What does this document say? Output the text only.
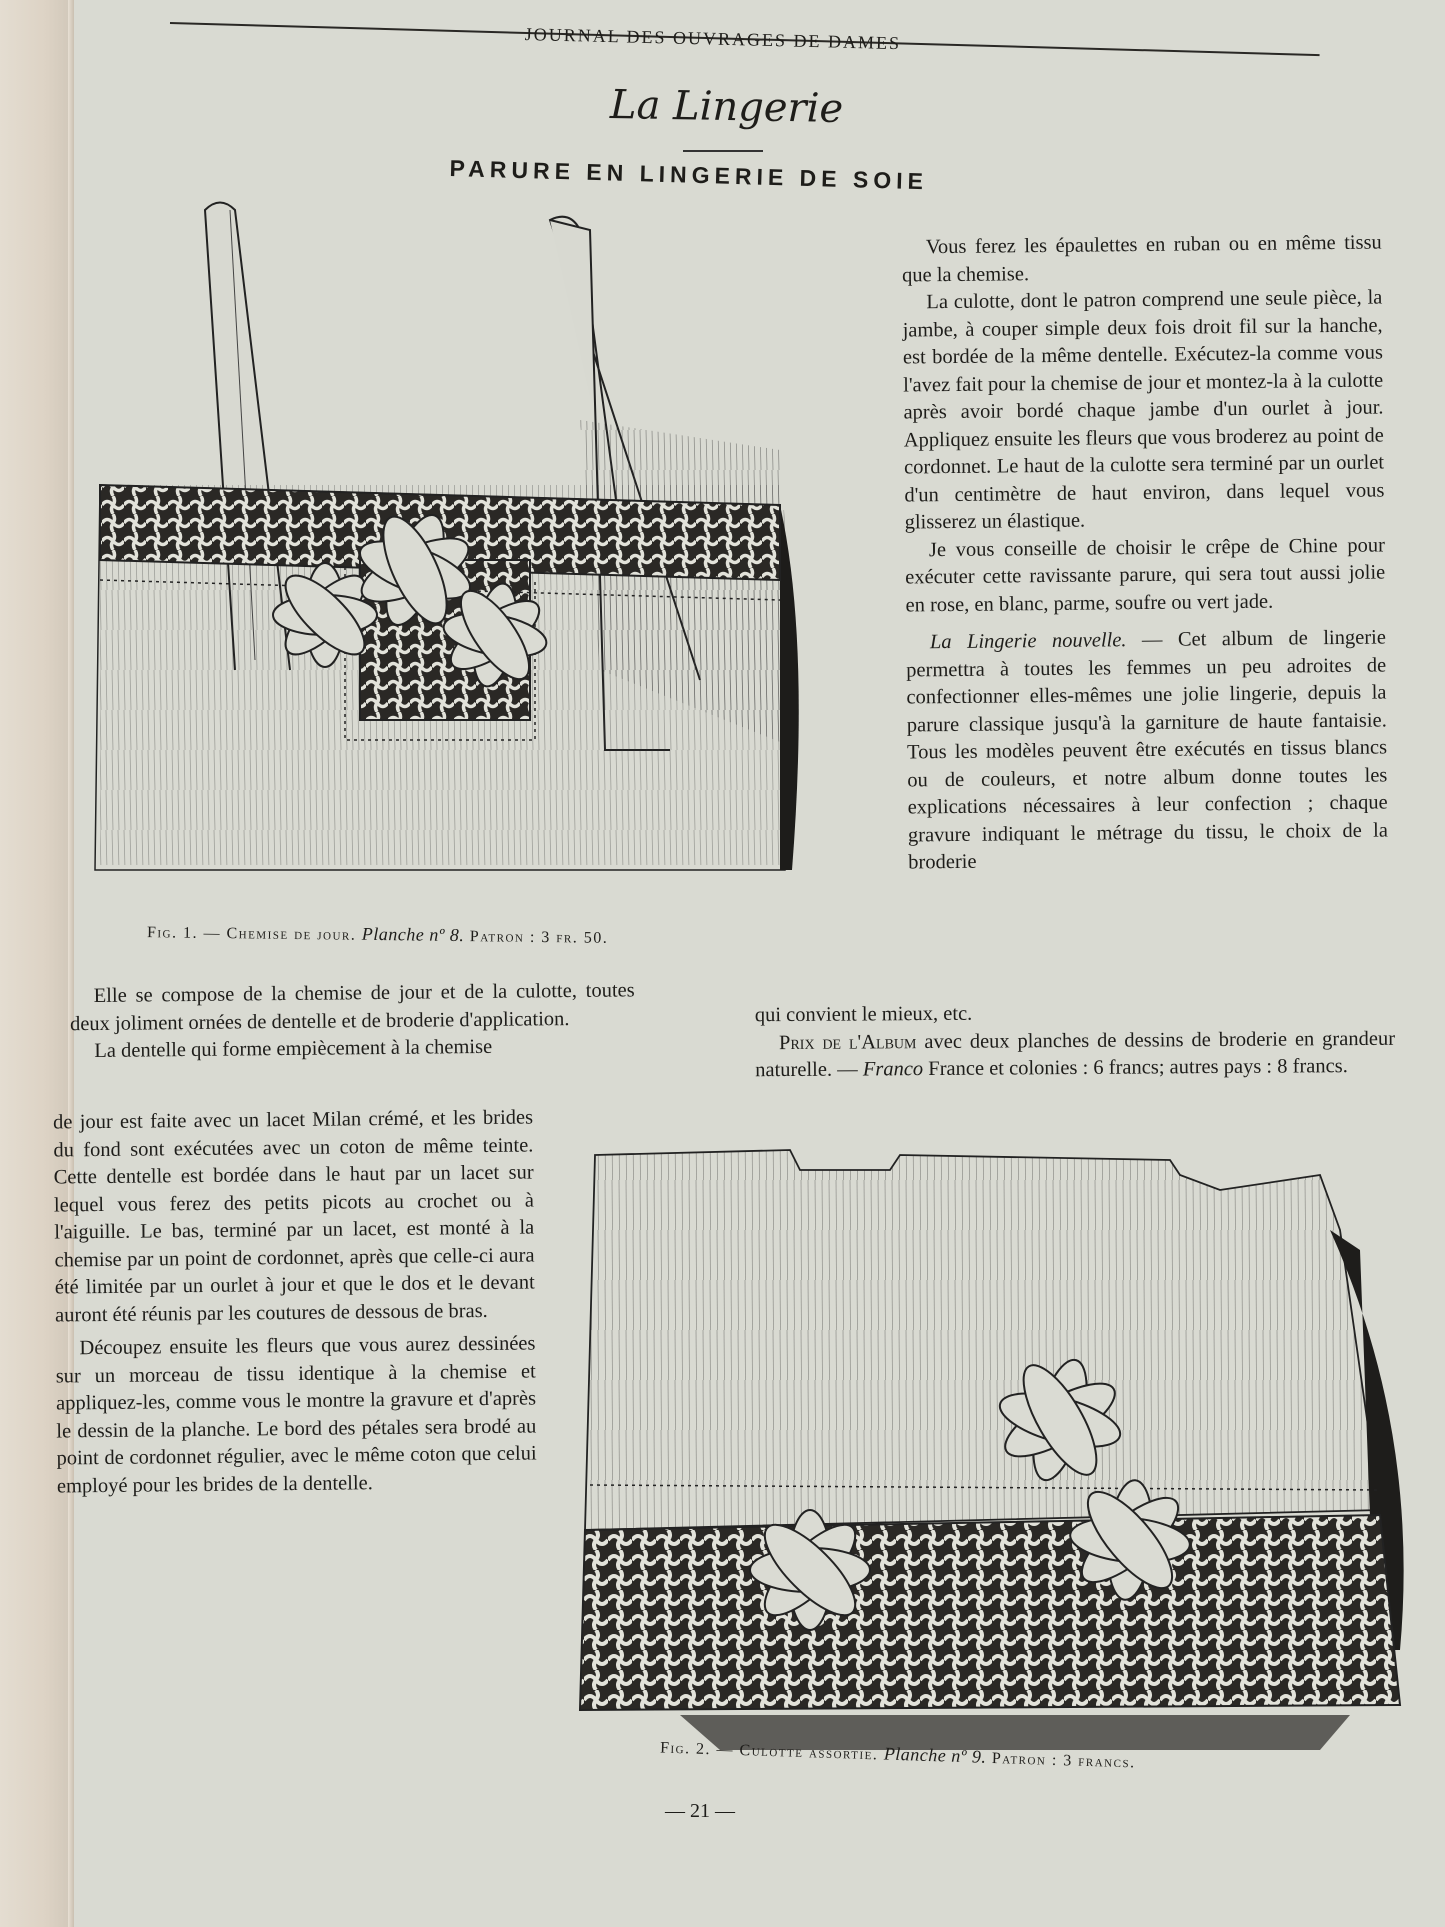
JOURNAL DES OUVRAGES DE DAMES
La Lingerie
PARURE EN LINGERIE DE SOIE
Fig. 1. — Chemise de jour. Planche nº 8. Patron : 3 fr. 50.

Vous ferez les épaulettes en ruban ou en même tissu que la chemise.

La culotte, dont le patron comprend une seule pièce, la jambe, à couper simple deux fois droit fil sur la hanche, est bordée de la même dentelle. Exécutez-la comme vous l'avez fait pour la chemise de jour et montez-la à la culotte après avoir bordé chaque jambe d'un ourlet à jour. Appliquez ensuite les fleurs que vous broderez au point de cordonnet. Le haut de la culotte sera terminé par un ourlet d'un centimètre de haut environ, dans lequel vous glisserez un élastique.

Je vous conseille de choisir le crêpe de Chine pour exécuter cette ravissante parure, qui sera tout aussi jolie en rose, en blanc, parme, soufre ou vert jade.

La Lingerie nouvelle. — Cet album de lingerie permettra à toutes les femmes un peu adroites de confectionner elles-mêmes une jolie lingerie, depuis la parure classique jusqu'à la garniture de haute fantaisie. Tous les modèles peuvent être exécutés en tissus blancs ou de couleurs, et notre album donne toutes les explications nécessaires à leur confection ; chaque gravure indiquant le métrage du tissu, le choix de la broderie

qui convient le mieux, etc.

Prix de l'Album avec deux planches de dessins de broderie en grandeur naturelle. — Franco France et colonies : 6 francs; autres pays : 8 francs.

Elle se compose de la chemise de jour et de la culotte, toutes deux joliment ornées de dentelle et de broderie d'application.

La dentelle qui forme empiècement à la chemise

de jour est faite avec un lacet Milan crémé, et les brides du fond sont exécutées avec un coton de même teinte. Cette dentelle est bordée dans le haut par un lacet sur lequel vous ferez des petits picots au crochet ou à l'aiguille. Le bas, terminé par un lacet, est monté à la chemise par un point de cordonnet, après que celle-ci aura été limitée par un ourlet à jour et que le dos et le devant auront été réunis par les coutures de dessous de bras.

Découpez ensuite les fleurs que vous aurez dessinées sur un morceau de tissu identique à la chemise et appliquez-les, comme vous le montre la gravure et d'après le dessin de la planche. Le bord des pétales sera brodé au point de cordonnet régulier, avec le même coton que celui employé pour les brides de la dentelle.

Fig. 2. — Culotte assortie. Planche nº 9. Patron : 3 francs.
— 21 —
